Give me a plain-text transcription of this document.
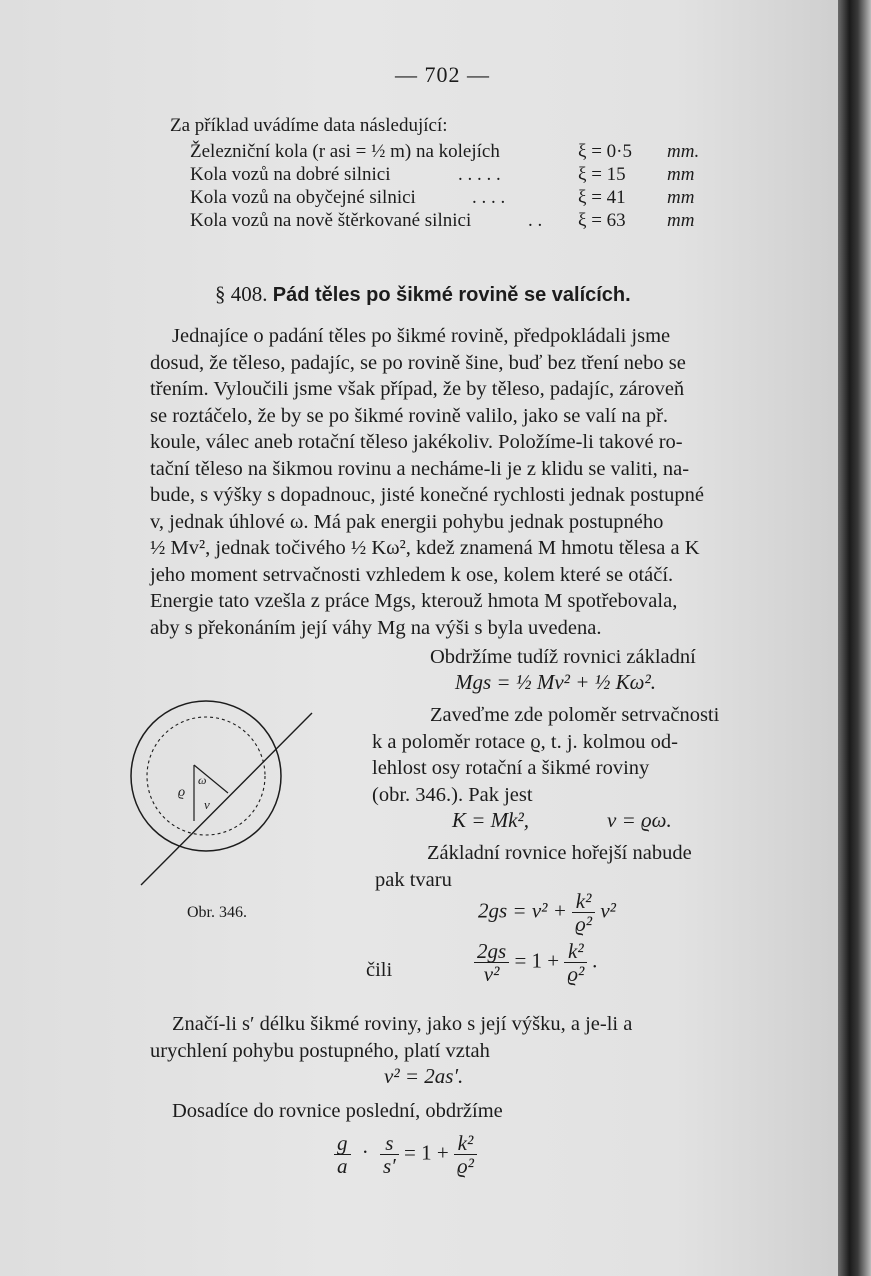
— 702 —
Za příklad uvádíme data následující:
Železniční kola (r asi = ½ m) na kolejích	ξ = 0·5 mm.
Kola vozů na dobré silnici	. . . . .	ξ = 15 mm
Kola vozů na obyčejné silnici	. . . .	ξ = 41 mm
Kola vozů na nově štěrkované silnici	. . ξ = 63 mm
§ 408. Pád těles po šikmé rovině se valících.
Jednajíce o padání těles po šikmé rovině, předpokládali jsme
dosud, že těleso, padajíc, se po rovině šine, buď bez tření nebo se
třením. Vyloučili jsme však případ, že by těleso, padajíc, zároveň
se roztáčelo, že by se po šikmé rovině valilo, jako se valí na př.
koule, válec aneb rotační těleso jakékoliv. Položíme-li takové ro-
tační těleso na šikmou rovinu a necháme-li je z klidu se valiti, na-
bude, s výšky s dopadnouc, jisté konečné rychlosti jednak postupné
v, jednak úhlové ω. Má pak energii pohybu jednak postupného
½ Mv², jednak točivého ½ Kω², kdež znamená M hmotu tělesa a K
jeho moment setrvačnosti vzhledem k ose, kolem které se otáčí.
Energie tato vzešla z práce Mgs, kterouž hmota M spotřebovala,
aby s překonáním její váhy Mg na výši s byla uvedena.
Obdržíme tudíž rovnici základní
Mgs = ½ Mv² + ½ Kω².
Zaveďme zde poloměr setrvačnosti
k a poloměr rotace ϱ, t. j. kolmou od-
lehlost osy rotační a šikmé roviny
(obr. 346.). Pak jest
K = Mk²,	v = ϱω.
Základní rovnice hořejší nabude
pak tvaru
$2gs = v^2 + \frac{\text{k²}}{\text{ϱ²}} v^2$
čili	$\frac{2gs}{\text{v²}} = 1 + \frac{\text{k²}}{\text{ϱ²}}$ .
ϱ
ω
v
Obr. 346.
Značí-li s′ délku šikmé roviny, jako s její výšku, a je-li a
urychlení pohybu postupného, platí vztah
v² = 2as′.
Dosadíce do rovnice poslední, obdržíme
$\frac{g}{a} \cdot \frac{s}{s'} = 1 + \frac{\text{k²}}{\text{ϱ²}}$
